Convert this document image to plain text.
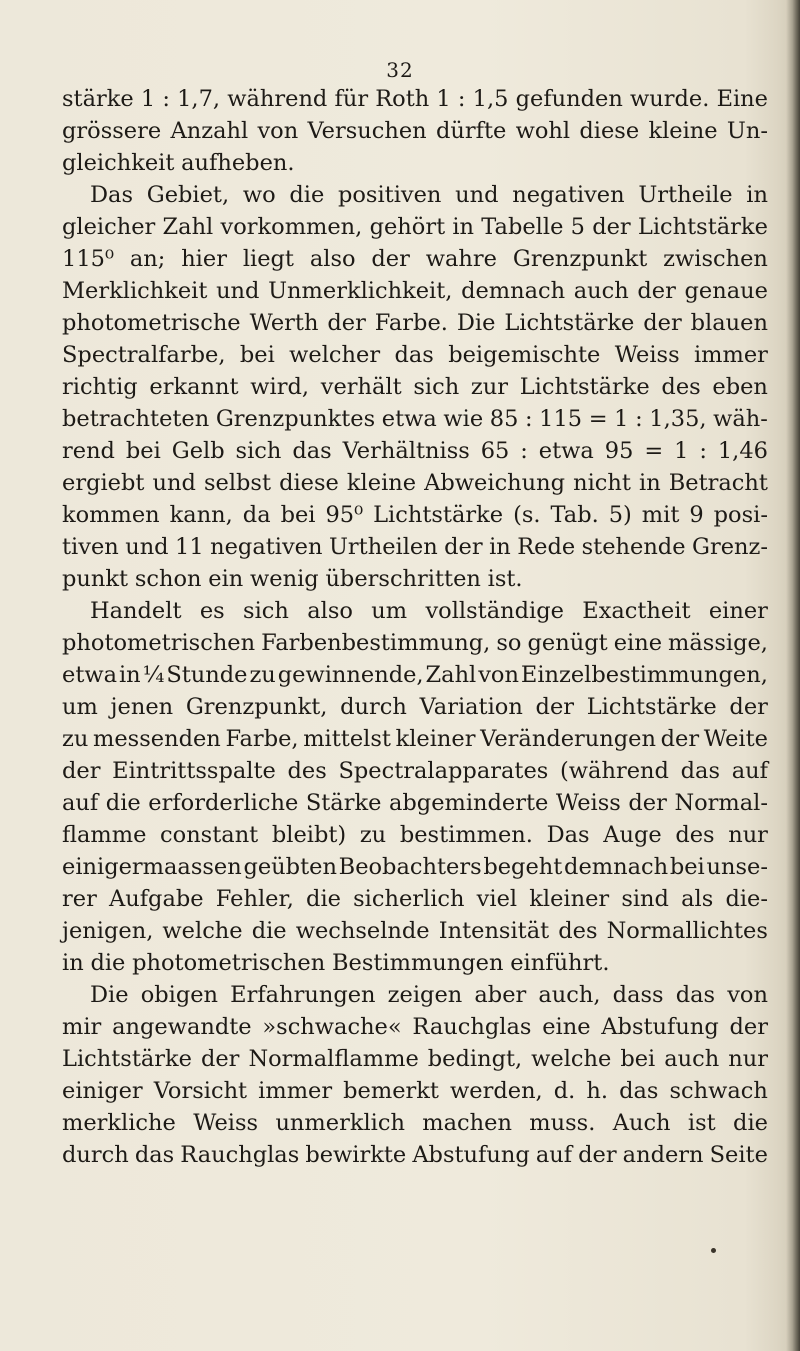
32
stärke 1 : 1,7, während für Roth 1 : 1,5 gefunden wurde. Eine
grössere Anzahl von Versuchen dürfte wohl diese kleine Un-
gleichkeit aufheben.
Das Gebiet, wo die positiven und negativen Urtheile in
gleicher Zahl vorkommen, gehört in Tabelle 5 der Lichtstärke
115⁰ an; hier liegt also der wahre Grenzpunkt zwischen
Merklichkeit und Unmerklichkeit, demnach auch der genaue
photometrische Werth der Farbe. Die Lichtstärke der blauen
Spectralfarbe, bei welcher das beigemischte Weiss immer
richtig erkannt wird, verhält sich zur Lichtstärke des eben
betrachteten Grenzpunktes etwa wie 85 : 115 = 1 : 1,35, wäh-
rend bei Gelb sich das Verhältniss 65 : etwa 95 = 1 : 1,46
ergiebt und selbst diese kleine Abweichung nicht in Betracht
kommen kann, da bei 95⁰ Lichtstärke (s. Tab. 5) mit 9 posi-
tiven und 11 negativen Urtheilen der in Rede stehende Grenz-
punkt schon ein wenig überschritten ist.
Handelt es sich also um vollständige Exactheit einer
photometrischen Farbenbestimmung, so genügt eine mässige,
etwa in ¼ Stunde zu gewinnende, Zahl von Einzelbestimmungen,
um jenen Grenzpunkt, durch Variation der Lichtstärke der
zu messenden Farbe, mittelst kleiner Veränderungen der Weite
der Eintrittsspalte des Spectralapparates (während das auf
auf die erforderliche Stärke abgeminderte Weiss der Normal-
flamme constant bleibt) zu bestimmen. Das Auge des nur
einigermaassen geübten Beobachters begeht demnach bei unse-
rer Aufgabe Fehler, die sicherlich viel kleiner sind als die-
jenigen, welche die wechselnde Intensität des Normallichtes
in die photometrischen Bestimmungen einführt.
Die obigen Erfahrungen zeigen aber auch, dass das von
mir angewandte »schwache« Rauchglas eine Abstufung der
Lichtstärke der Normalflamme bedingt, welche bei auch nur
einiger Vorsicht immer bemerkt werden, d. h. das schwach
merkliche Weiss unmerklich machen muss. Auch ist die
durch das Rauchglas bewirkte Abstufung auf der andern Seite
